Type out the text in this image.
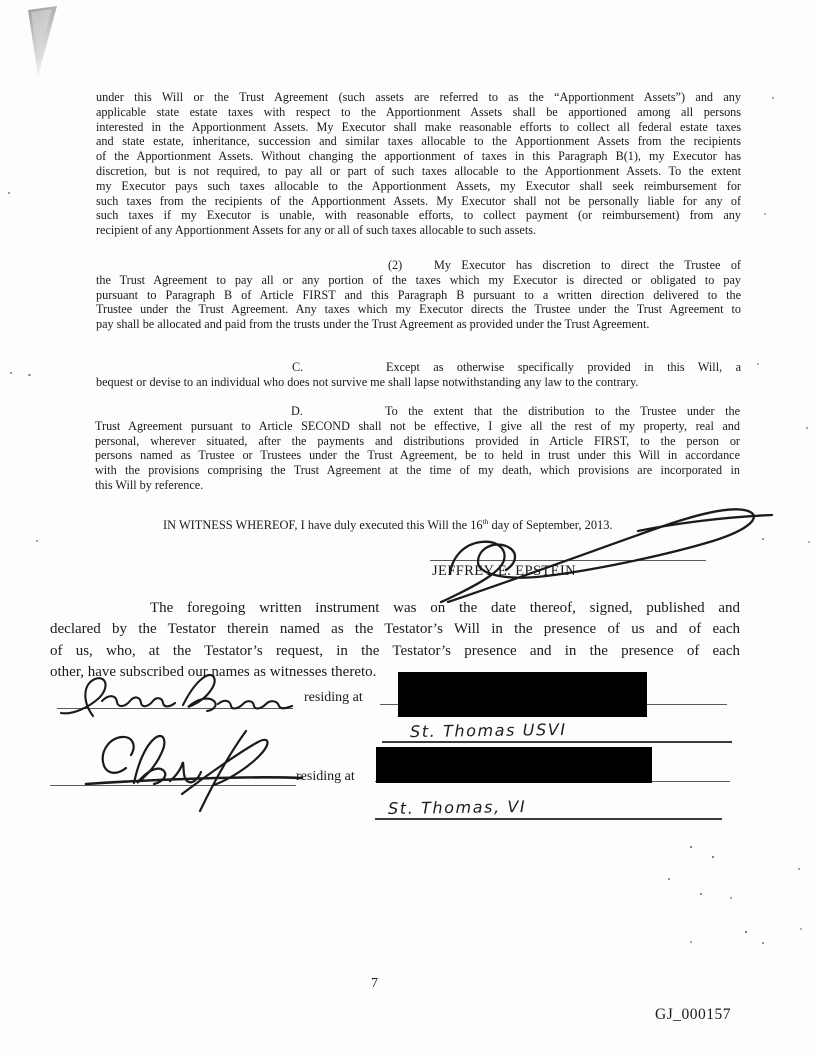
under this Will or the Trust Agreement (such assets are referred to as the “Apportionment Assets”) and any
applicable state estate taxes with respect to the Apportionment Assets shall be apportioned among all persons
interested in the Apportionment Assets. My Executor shall make reasonable efforts to collect all federal estate taxes
and state estate, inheritance, succession and similar taxes allocable to the Apportionment Assets from the recipients
of the Apportionment Assets. Without changing the apportionment of taxes in this Paragraph B(1), my Executor has
discretion, but is not required, to pay all or part of such taxes allocable to the Apportionment Assets. To the extent
my Executor pays such taxes allocable to the Apportionment Assets, my Executor shall seek reimbursement for
such taxes from the recipients of the Apportionment Assets. My Executor shall not be personally liable for any of
such taxes if my Executor is unable, with reasonable efforts, to collect payment (or reimbursement) from any
recipient of any Apportionment Assets for any or all of such taxes allocable to such assets.
(2)	My Executor has discretion to direct the Trustee of
the Trust Agreement to pay all or any portion of the taxes which my Executor is directed or obligated to pay
pursuant to Paragraph B of Article FIRST and this Paragraph B pursuant to a written direction delivered to the
Trustee under the Trust Agreement. Any taxes which my Executor directs the Trustee under the Trust Agreement to
pay shall be allocated and paid from the trusts under the Trust Agreement as provided under the Trust Agreement.
C.	Except as otherwise specifically provided in this Will, a
bequest or devise to an individual who does not survive me shall lapse notwithstanding any law to the contrary.
D.	To the extent that the distribution to the Trustee under the
Trust Agreement pursuant to Article SECOND shall not be effective, I give all the rest of my property, real and
personal, wherever situated, after the payments and distributions provided in Article FIRST, to the person or
persons named as Trustee or Trustees under the Trust Agreement, be to held in trust under this Will in accordance
with the provisions comprising the Trust Agreement at the time of my death, which provisions are incorporated in
this Will by reference.
IN WITNESS WHEREOF, I have duly executed this Will the 16th day of September, 2013.
JEFFREY E. EPSTEIN
The foregoing written instrument was on the date thereof, signed, published and
declared by the Testator therein named as the Testator’s Will in the presence of us and of each
of us, who, at the Testator’s request, in the Testator’s presence and in the presence of each
other, have subscribed our names as witnesses thereto.
residing at
St. Thomas USVI
residing at
St. Thomas, VI
7
GJ_000157
